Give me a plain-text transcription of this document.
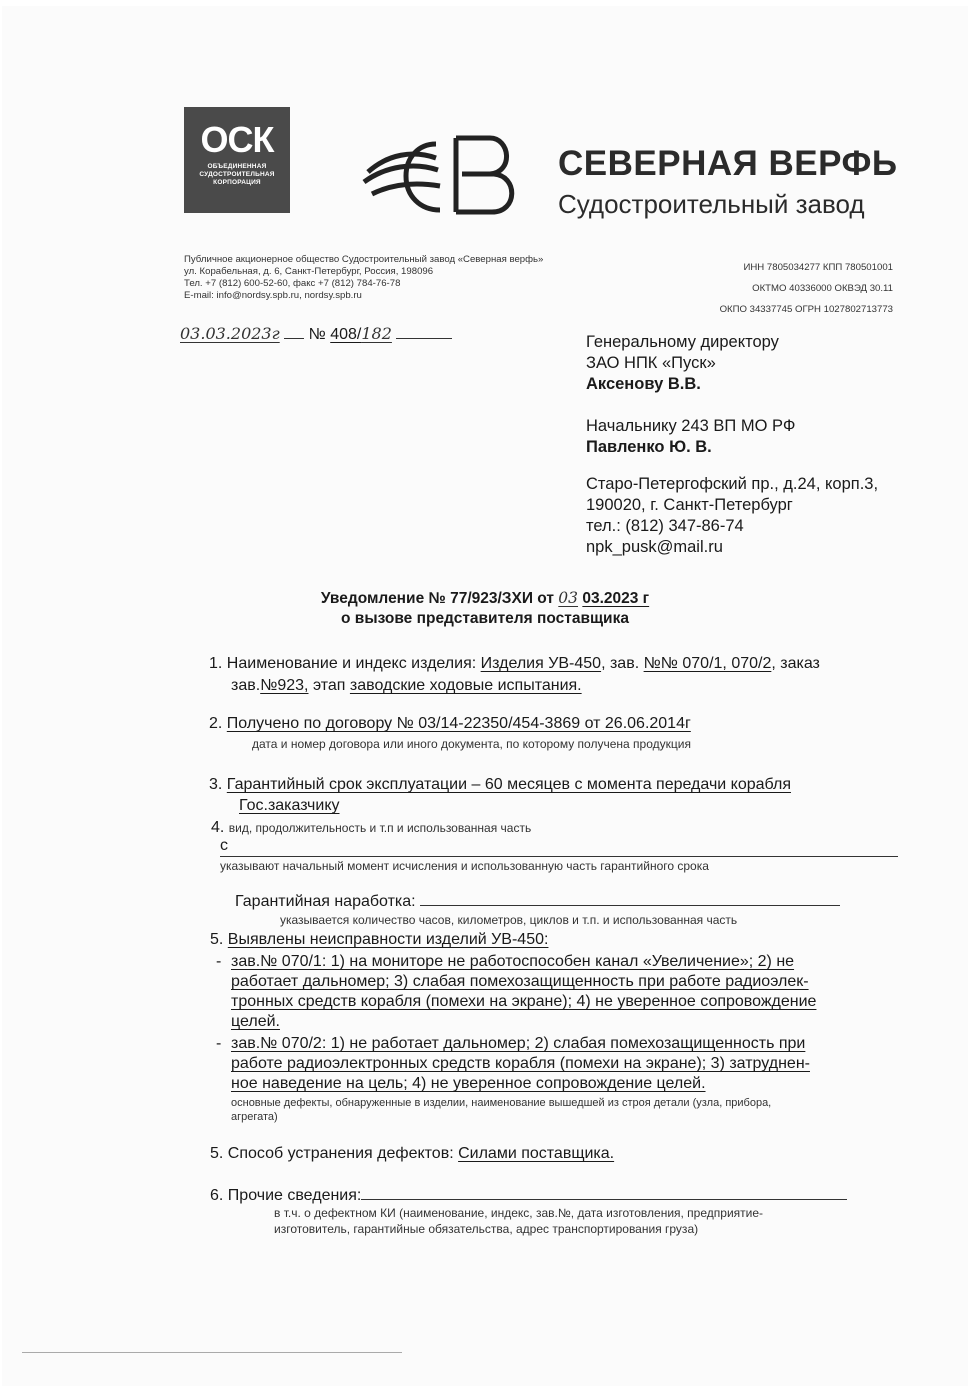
ОСК
ОБЪЕДИНЕННАЯ СУДОСТРОИТЕЛЬНАЯ КОРПОРАЦИЯ	СЕВЕРНАЯ ВЕРФЬ
Судостроительный завод
Публичное акционерное общество Судостроительный завод «Северная верфь»
ул. Корабельная, д. 6, Санкт-Петербург, Россия, 198096
Тел. +7 (812) 600-52-60, факс +7 (812) 784-76-78
E-mail: info@nordsy.spb.ru, nordsy.spb.ru
ИНН 7805034277 КПП 780501001
ОКТМО 40336000 ОКВЭД 30.11
ОКПО 34337745 ОГРН 1027802713773
03.03.2023г № 408/182	Генеральному директору
ЗАО НПК «Пуск»
Аксенову В.В.
Начальнику 243 ВП МО РФ
Павленко Ю. В.
Старо-Петергофский пр., д.24, корп.3,
190020, г. Санкт-Петербург
тел.: (812) 347-86-74
npk_pusk@mail.ru
Уведомление № 77/923/ЗХИ от 03 03.2023 г
о вызове представителя поставщика
1. Наименование и индекс изделия: Изделия УВ-450, зав. №№ 070/1, 070/2, заказ
зав.№923, этап заводские ходовые испытания.
2. Получено по договору № 03/14-22350/454-3869 от 26.06.2014г
дата и номер договора или иного документа, по которому получена продукция
3. Гарантийный срок эксплуатации – 60 месяцев с момента передачи корабля
Гос.заказчику
4. вид, продолжительность и т.п и использованная часть
с
указывают начальный момент исчисления и использованную часть гарантийного срока
Гарантийная наработка:
указывается количество часов, километров, циклов и т.п. и использованная часть
5. Выявлены неисправности изделий УВ-450:
- зав.№ 070/1: 1) на мониторе не работоспособен канал «Увеличение»; 2) не
работает дальномер; 3) слабая помехозащищенность при работе радиоэлек-
тронных средств корабля (помехи на экране); 4) не уверенное сопровождение
целей.
- зав.№ 070/2: 1) не работает дальномер; 2) слабая помехозащищенность при
работе радиоэлектронных средств корабля (помехи на экране); 3) затруднен-
ное наведение на цель; 4) не уверенное сопровождение целей.
основные дефекты, обнаруженные в изделии, наименование вышедшей из строя детали (узла, прибора,
агрегата)
5. Способ устранения дефектов: Силами поставщика.
6. Прочие сведения:
в т.ч. о дефектном КИ (наименование, индекс, зав.№, дата изготовления, предприятие-
изготовитель, гарантийные обязательства, адрес транспортирования груза)
